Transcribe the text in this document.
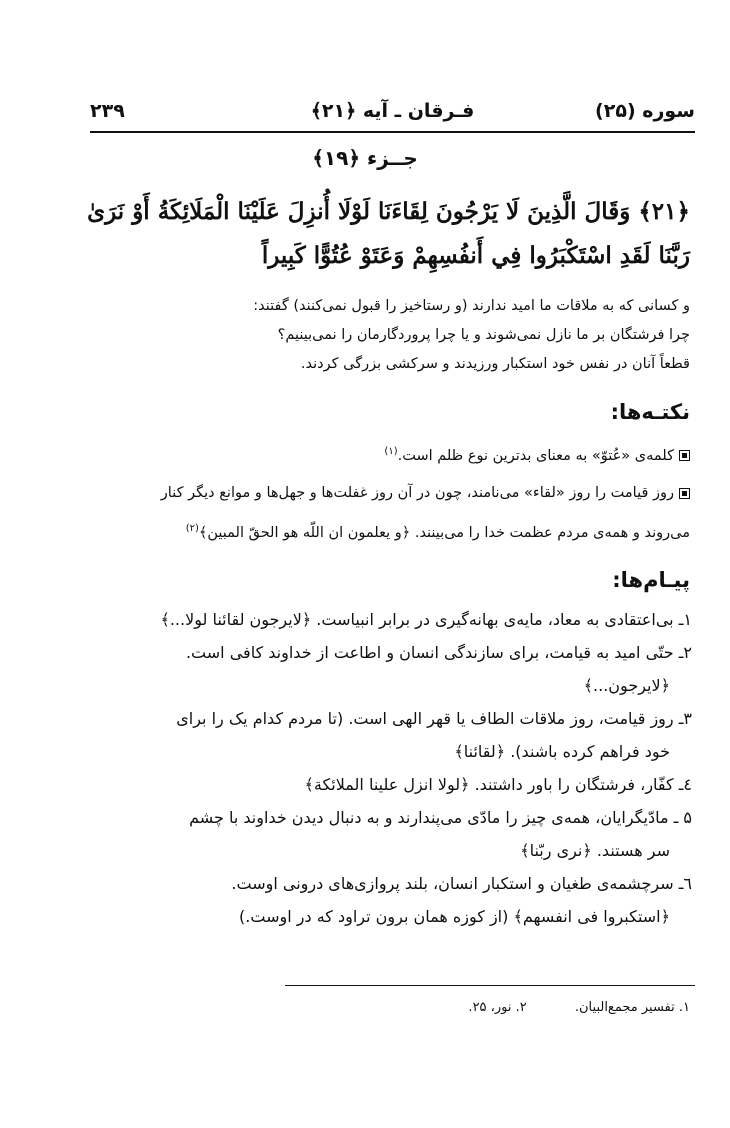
سوره (۲۵)
فـرقان ـ آيه ﴿۲۱﴾
۲۳۹
جــزء ﴿۱۹﴾
﴿۲۱﴾ وَقَالَ الَّذِينَ لَا يَرْجُونَ لِقَاءَنَا لَوْلَا أُنزِلَ عَلَيْنَا الْمَلَائِكَةُ أَوْ نَرَىٰ
رَبَّنَا لَقَدِ اسْتَكْبَرُوا فِي أَنفُسِهِمْ وَعَتَوْ عُتُوًّا كَبِيراً
و كسانى كه به ملاقات ما اميد ندارند (و رستاخيز را قبول نمى‌كنند) گفتند:
چرا فرشتگان بر ما نازل نمى‌شوند و يا چرا پروردگارمان را نمى‌بينيم؟
قطعاً آنان در نفس خود استكبار ورزيدند و سركشى بزرگى كردند.
نكتـه‌ها:
كلمه‌ى «عُتوّ» به معناى بدترين نوع ظلم است.$^{(۱)}$
روز قيامت را روز «لقاء» مى‌نامند، چون در آن روز غفلت‌ها و جهل‌ها و موانع ديگر كنار
مى‌روند و همه‌ى مردم عظمت خدا را مى‌بينند. ﴿و يعلمون ان اللّه هو الحقّ المبين﴾$^{(۲)}$
پيـام‌ها:
۱ـ بى‌اعتقادى به معاد، مايه‌ى بهانه‌گيرى در برابر انبياست. ﴿لايرجون لقائنا لولا...﴾
۲ـ حتّى اميد به قيامت، براى سازندگى انسان و اطاعت از خداوند كافى است.
﴿لايرجون...﴾
۳ـ روز قيامت، روز ملاقات الطاف يا قهر الهى است. (تا مردم كدام يک را براى
خود فراهم كرده باشند). ﴿لقائنا﴾
٤ـ كفّار، فرشتگان را باور داشتند. ﴿لولا انزل علينا الملائكة﴾
۵ ـ مادّيگرايان، همه‌ى چيز را مادّى مى‌پندارند و به دنبال ديدن خداوند با چشم
سر هستند. ﴿نرى ربّنا﴾
٦ـ سرچشمه‌ى طغيان و استكبار انسان، بلند پروازى‌هاى درونى اوست.
﴿استكبروا فى انفسهم﴾ (از كوزه همان برون تراود كه در اوست.)
۱. تفسير مجمع‌البيان. ۲. نور، ۲۵.
